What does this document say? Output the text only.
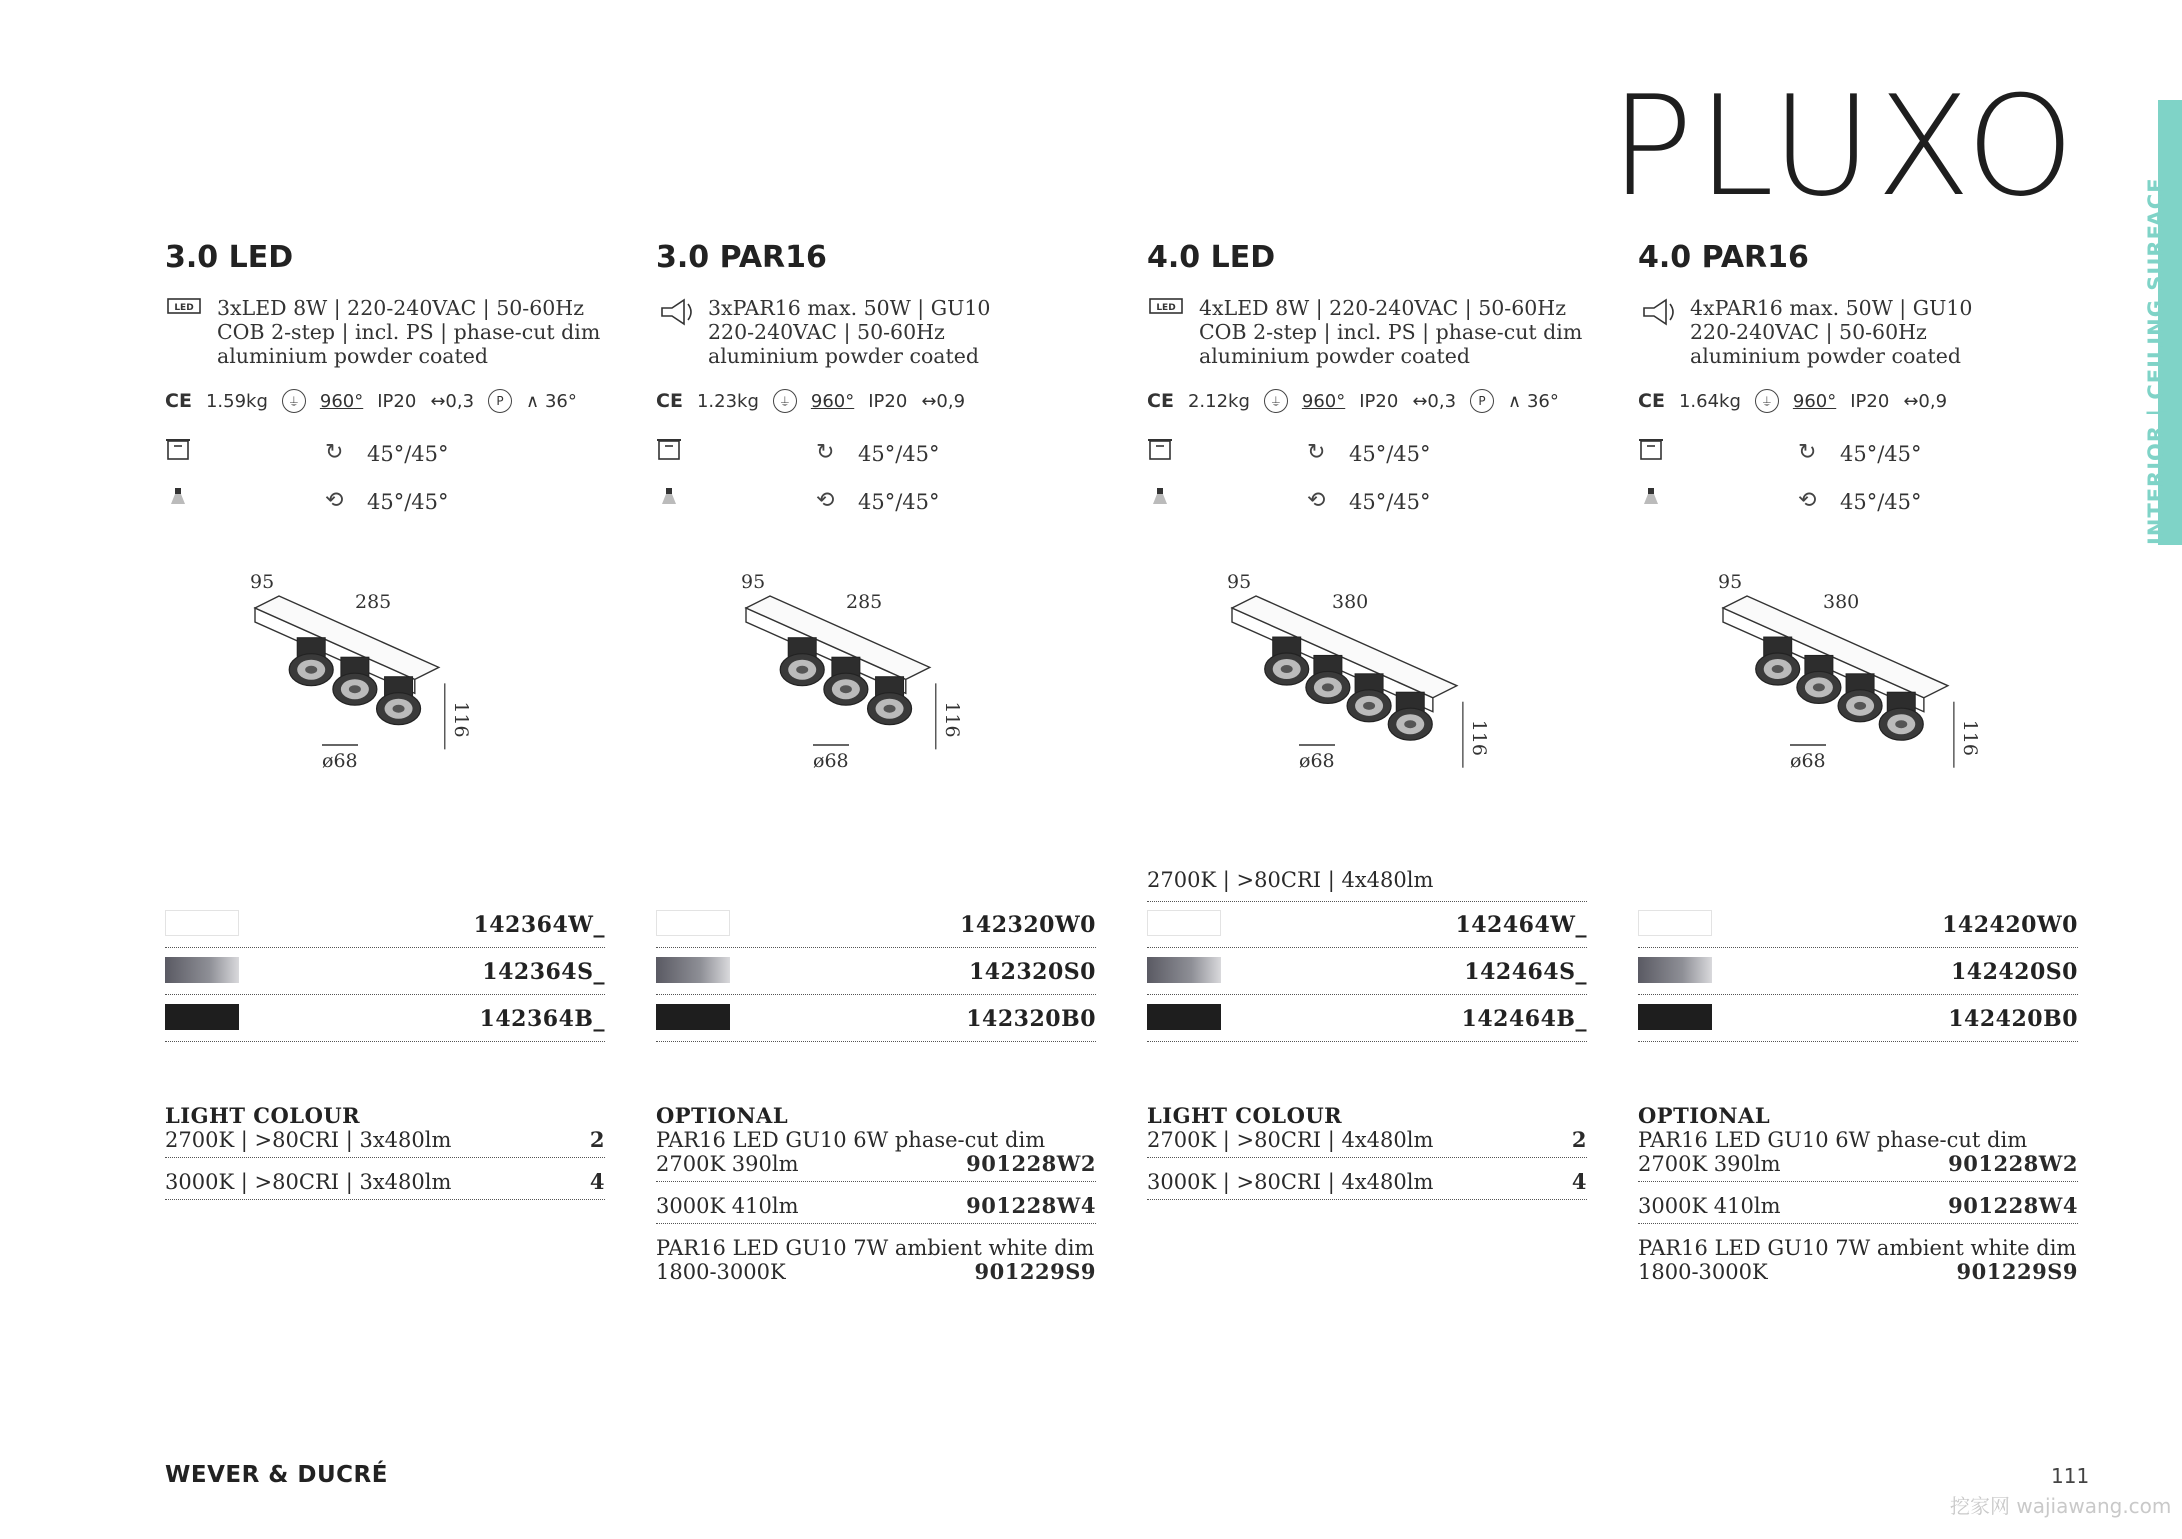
PLUXO
INTERIOR | CEILING SURFACE
3.0 LED
LED 3xLED 8W | 220-240VAC | 50-60Hz
COB 2-step | incl. PS | phase-cut dim
aluminium powder coated
CE 1.59kg	⏚	960° IP20 ↔0,3	P	∧ 36°
↻ 45°/45°
⟲ 45°/45°
95
285
116
ø68
142364W_
142364S_
142364B_
LIGHT COLOUR
2700K | >80CRI | 3x480lm	2
3000K | >80CRI | 3x480lm	4
3.0 PAR16
3xPAR16 max. 50W | GU10
220-240VAC | 50-60Hz
aluminium powder coated
CE 1.23kg	⏚	960° IP20 ↔0,9
↻ 45°/45°
⟲ 45°/45°
95
285
116
ø68
142320W0
142320S0
142320B0
OPTIONAL
PAR16 LED GU10 6W phase-cut dim
2700K 390lm	901228W2
3000K 410lm	901228W4
PAR16 LED GU10 7W ambient white dim
1800-3000K	901229S9
4.0 LED
LED 4xLED 8W | 220-240VAC | 50-60Hz
COB 2-step | incl. PS | phase-cut dim
aluminium powder coated
CE 2.12kg	⏚	960° IP20 ↔0,3	P	∧ 36°
↻ 45°/45°
⟲ 45°/45°
95
380
116
ø68
2700K | >80CRI | 4x480lm
142464W_
142464S_
142464B_
LIGHT COLOUR
2700K | >80CRI | 4x480lm	2
3000K | >80CRI | 4x480lm	4
4.0 PAR16
4xPAR16 max. 50W | GU10
220-240VAC | 50-60Hz
aluminium powder coated
CE 1.64kg	⏚	960° IP20 ↔0,9
↻ 45°/45°
⟲ 45°/45°
95
380
116
ø68
142420W0
142420S0
142420B0
OPTIONAL
PAR16 LED GU10 6W phase-cut dim
2700K 390lm	901228W2
3000K 410lm	901228W4
PAR16 LED GU10 7W ambient white dim
1800-3000K	901229S9
WEVER & DUCRÉ	111
挖家网 wajiawang.com
